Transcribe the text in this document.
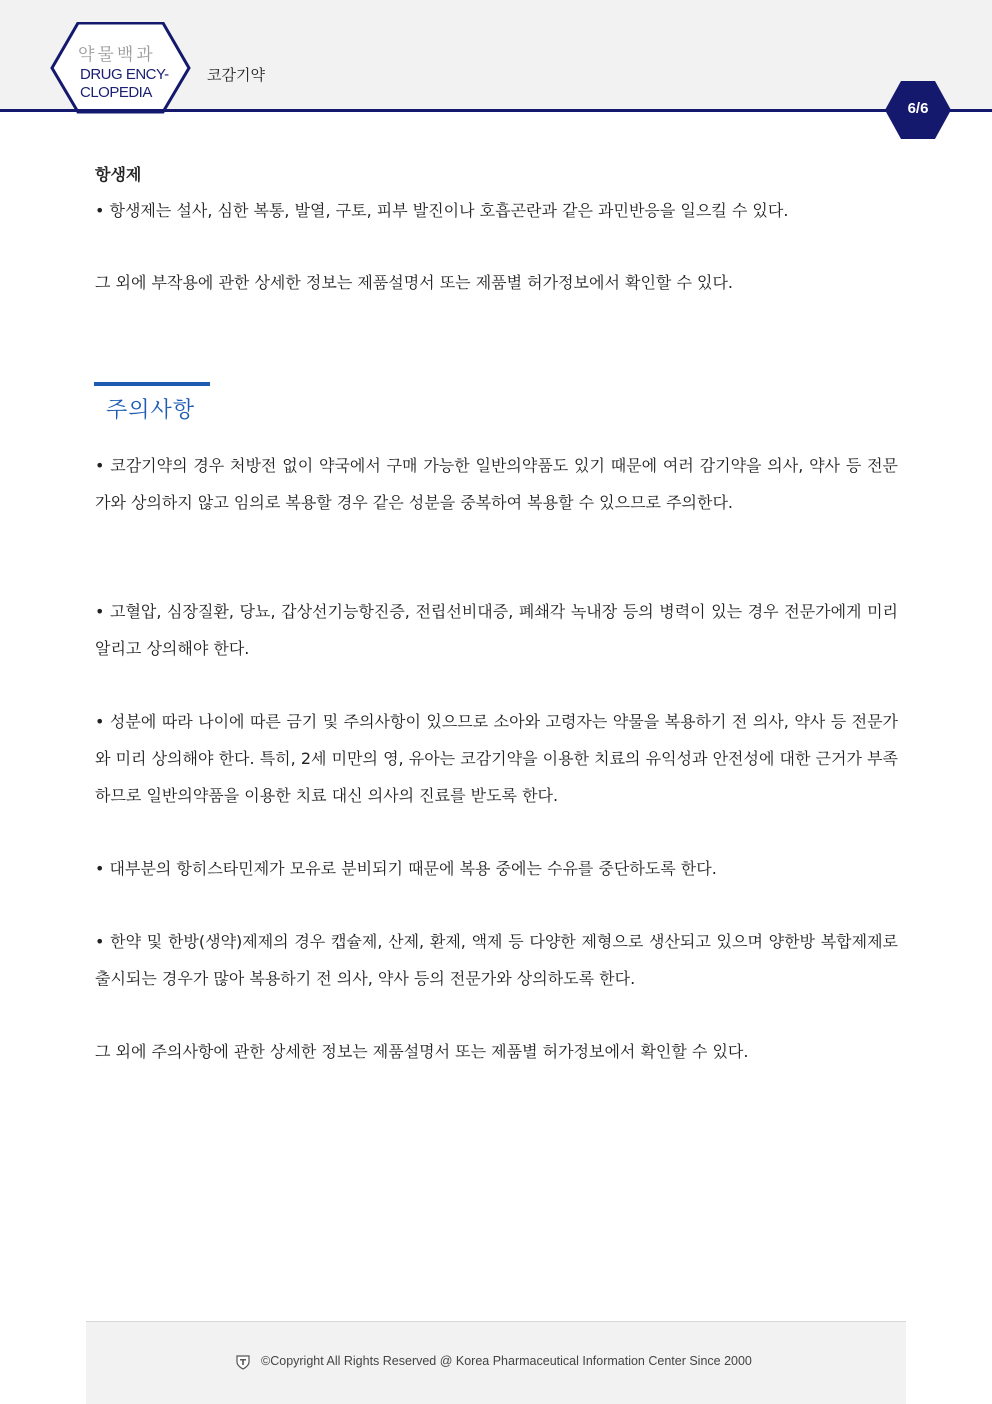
약물백과
DRUG ENCY-
CLOPEDIA
코감기약
6/6
항생제

• 항생제는 설사, 심한 복통, 발열, 구토, 피부 발진이나 호흡곤란과 같은 과민반응을 일으킬 수 있다.

그 외에 부작용에 관한 상세한 정보는 제품설명서 또는 제품별 허가정보에서 확인할 수 있다.

주의사항

• 코감기약의 경우 처방전 없이 약국에서 구매 가능한 일반의약품도 있기 때문에 여러 감기약을 의사, 약사 등 전문가와 상의하지 않고 임의로 복용할 경우 같은 성분을 중복하여 복용할 수 있으므로 주의한다.

• 고혈압, 심장질환, 당뇨, 갑상선기능항진증, 전립선비대증, 폐쇄각 녹내장 등의 병력이 있는 경우 전문가에게 미리 알리고 상의해야 한다.

• 성분에 따라 나이에 따른 금기 및 주의사항이 있으므로 소아와 고령자는 약물을 복용하기 전 의사, 약사 등 전문가와 미리 상의해야 한다. 특히, 2세 미만의 영, 유아는 코감기약을 이용한 치료의 유익성과 안전성에 대한 근거가 부족하므로 일반의약품을 이용한 치료 대신 의사의 진료를 받도록 한다.

• 대부분의 항히스타민제가 모유로 분비되기 때문에 복용 중에는 수유를 중단하도록 한다.

• 한약 및 한방(생약)제제의 경우 캡슐제, 산제, 환제, 액제 등 다양한 제형으로 생산되고 있으며 양한방 복합제제로 출시되는 경우가 많아 복용하기 전 의사, 약사 등의 전문가와 상의하도록 한다.

그 외에 주의사항에 관한 상세한 정보는 제품설명서 또는 제품별 허가정보에서 확인할 수 있다.

©Copyright All Rights Reserved @ Korea Pharmaceutical Information Center Since 2000
